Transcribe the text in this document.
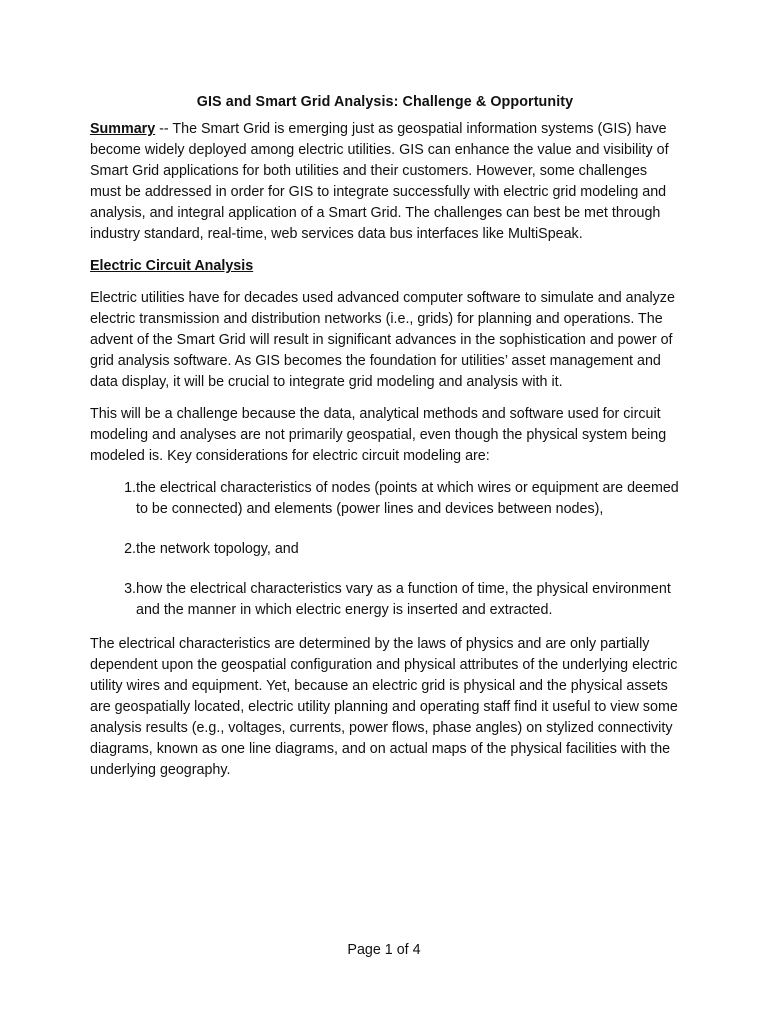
GIS and Smart Grid Analysis: Challenge & Opportunity

Summary -- The Smart Grid is emerging just as geospatial information systems (GIS) have become widely deployed among electric utilities. GIS can enhance the value and visibility of Smart Grid applications for both utilities and their customers. However, some challenges must be addressed in order for GIS to integrate successfully with electric grid modeling and analysis, and integral application of a Smart Grid. The challenges can best be met through industry standard, real-time, web services data bus interfaces like MultiSpeak.

Electric Circuit Analysis

Electric utilities have for decades used advanced computer software to simulate and analyze electric transmission and distribution networks (i.e., grids) for planning and operations. The advent of the Smart Grid will result in significant advances in the sophistication and power of grid analysis software. As GIS becomes the foundation for utilities’ asset management and data display, it will be crucial to integrate grid modeling and analysis with it.

This will be a challenge because the data, analytical methods and software used for circuit modeling and analyses are not primarily geospatial, even though the physical system being modeled is. Key considerations for electric circuit modeling are:

1. the electrical characteristics of nodes (points at which wires or equipment are deemed to be connected) and elements (power lines and devices between nodes),
2. the network topology, and
3. how the electrical characteristics vary as a function of time, the physical environment and the manner in which electric energy is inserted and extracted.

The electrical characteristics are determined by the laws of physics and are only partially dependent upon the geospatial configuration and physical attributes of the underlying electric utility wires and equipment. Yet, because an electric grid is physical and the physical assets are geospatially located, electric utility planning and operating staff find it useful to view some analysis results (e.g., voltages, currents, power flows, phase angles) on stylized connectivity diagrams, known as one line diagrams, and on actual maps of the physical facilities with the underlying geography.

Page 1 of 4
